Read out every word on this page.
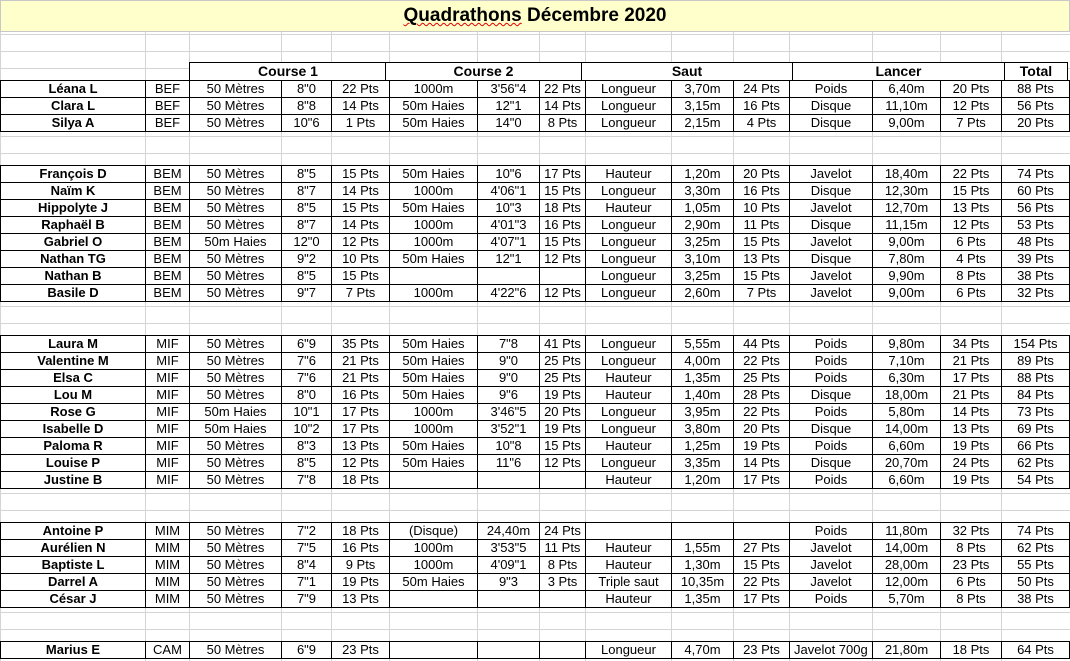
Quadrathons Décembre 2020
Course 1	Course 2	Saut	Lancer	Total
Léana L	BEF	50 Mètres	8"0	22 Pts	1000m	3'56"4	22 Pts	Longueur	3,70m	24 Pts	Poids	6,40m	20 Pts	88 Pts
Clara L	BEF	50 Mètres	8"8	14 Pts	50m Haies	12"1	14 Pts	Longueur	3,15m	16 Pts	Disque	11,10m	12 Pts	56 Pts
Silya A	BEF	50 Mètres	10"6	1 Pts	50m Haies	14"0	8 Pts	Longueur	2,15m	4 Pts	Disque	9,00m	7 Pts	20 Pts
François D	BEM	50 Mètres	8"5	15 Pts	50m Haies	10"6	17 Pts	Hauteur	1,20m	20 Pts	Javelot	18,40m	22 Pts	74 Pts
Naïm K	BEM	50 Mètres	8"7	14 Pts	1000m	4'06"1	15 Pts	Longueur	3,30m	16 Pts	Disque	12,30m	15 Pts	60 Pts
Hippolyte J	BEM	50 Mètres	8"5	15 Pts	50m Haies	10"3	18 Pts	Hauteur	1,05m	10 Pts	Javelot	12,70m	13 Pts	56 Pts
Raphaël B	BEM	50 Mètres	8"7	14 Pts	1000m	4'01"3	16 Pts	Longueur	2,90m	11 Pts	Disque	11,15m	12 Pts	53 Pts
Gabriel O	BEM	50m Haies	12"0	12 Pts	1000m	4'07"1	15 Pts	Longueur	3,25m	15 Pts	Javelot	9,00m	6 Pts	48 Pts
Nathan TG	BEM	50 Mètres	9"2	10 Pts	50m Haies	12"1	12 Pts	Longueur	3,10m	13 Pts	Disque	7,80m	4 Pts	39 Pts
Nathan B	BEM	50 Mètres	8"5	15 Pts				Longueur	3,25m	15 Pts	Javelot	9,90m	8 Pts	38 Pts
Basile D	BEM	50 Mètres	9"7	7 Pts	1000m	4'22"6	12 Pts	Longueur	2,60m	7 Pts	Javelot	9,00m	6 Pts	32 Pts
Laura M	MIF	50 Mètres	6"9	35 Pts	50m Haies	7"8	41 Pts	Longueur	5,55m	44 Pts	Poids	9,80m	34 Pts	154 Pts
Valentine M	MIF	50 Mètres	7"6	21 Pts	50m Haies	9"0	25 Pts	Longueur	4,00m	22 Pts	Poids	7,10m	21 Pts	89 Pts
Elsa C	MIF	50 Mètres	7"6	21 Pts	50m Haies	9"0	25 Pts	Hauteur	1,35m	25 Pts	Poids	6,30m	17 Pts	88 Pts
Lou M	MIF	50 Mètres	8"0	16 Pts	50m Haies	9"6	19 Pts	Hauteur	1,40m	28 Pts	Disque	18,00m	21 Pts	84 Pts
Rose G	MIF	50m Haies	10"1	17 Pts	1000m	3'46"5	20 Pts	Longueur	3,95m	22 Pts	Poids	5,80m	14 Pts	73 Pts
Isabelle D	MIF	50m Haies	10"2	17 Pts	1000m	3'52"1	19 Pts	Longueur	3,80m	20 Pts	Disque	14,00m	13 Pts	69 Pts
Paloma R	MIF	50 Mètres	8"3	13 Pts	50m Haies	10"8	15 Pts	Hauteur	1,25m	19 Pts	Poids	6,60m	19 Pts	66 Pts
Louise P	MIF	50 Mètres	8"5	12 Pts	50m Haies	11"6	12 Pts	Longueur	3,35m	14 Pts	Disque	20,70m	24 Pts	62 Pts
Justine B	MIF	50 Mètres	7"8	18 Pts				Hauteur	1,20m	17 Pts	Poids	6,60m	19 Pts	54 Pts
Antoine P	MIM	50 Mètres	7"2	18 Pts	(Disque)	24,40m	24 Pts				Poids	11,80m	32 Pts	74 Pts
Aurélien N	MIM	50 Mètres	7"5	16 Pts	1000m	3'53"5	11 Pts	Hauteur	1,55m	27 Pts	Javelot	14,00m	8 Pts	62 Pts
Baptiste L	MIM	50 Mètres	8"4	9 Pts	1000m	4'09"1	8 Pts	Hauteur	1,30m	15 Pts	Javelot	28,00m	23 Pts	55 Pts
Darrel A	MIM	50 Mètres	7"1	19 Pts	50m Haies	9"3	3 Pts	Triple saut	10,35m	22 Pts	Javelot	12,00m	6 Pts	50 Pts
César J	MIM	50 Mètres	7"9	13 Pts				Hauteur	1,35m	17 Pts	Poids	5,70m	8 Pts	38 Pts
Marius E	CAM	50 Mètres	6"9	23 Pts				Longueur	4,70m	23 Pts	Javelot 700g	21,80m	18 Pts	64 Pts
